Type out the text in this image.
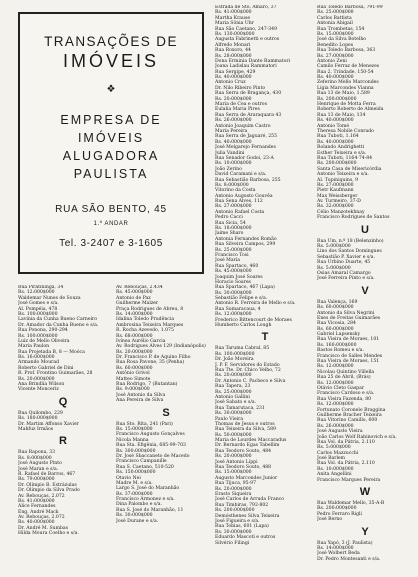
TRANSAÇÕES DE
IMÓVEIS
❖
EMPRESA DE
IMÓVEIS
ALUGADORA
PAULISTA
RUA SÃO BENTO, 45
1.º ANDAR
Tel. 3-2407 e 3-1605
Rua Piratininga, 34
Rs. 12:000$000
Waldemar Nunes de Souza
José Gomes e s/a.
Al. Pompéia, 478
Rs. 100:000$000
Lavínia da Cunha Bueno Carneiro
Dr. Amador da Cunha Bueno e s/a.
Rua Ponona, 290-294
Rs. 100:000$000
Luiz de Mello Oliveira
Maria Paulon
Rua Projetada B, 8 — Moóca
Rs. 16:000$000
Armando Mourad
Roberto Gabriel de Dini
R. Prof. Frontino Guimarães, 28
Rs. 20:000$000
Ana Brindlia Wilson
Vicente Monceriz
Q
Rua Quilombo, 229
Rs. 180:000$000
Dr. Martim Affonso Xavier
Mahfuz Irmãos
R
Rua Rapona, 33
Rs. 8:000$000
José Augusto Pinto
José Maran e s/a.
R. Rafael de Barros, 467
Rs. 79:000$000
Dr. Olímpio B. Estrázulas
Dr. Olímpio da Silva Prado
Av. Rebouças, 2.072
Rs. 41:000$000
Alice Fernandes
Eng. André Mack
Av. Rebouças, 2.072
Rs. 40:000$000
Dr. André M. Sumbas
Hilda Moura Coelho e s/a.
Av. Rebouças, 2.434
Rs. 45:000$000
Antonio de Paz
Guilherme Malzer
Praça Rodrigues de Abreu, 8
Rs. 14:000$000
Idalina Toledo Prudência
Ambrosina Teixeira Marques
R. Rocha Azevedo, 1.075
Rs. 68:000$000
Ivínea Aurélio Garcia
Av. Rodrigues Alves 129 (Indianópolis)
Rs. 20:000$000
Dr. Francisco P. de Aquino Filho
Rua Rosa Pavone, 35 (Penha)
Rs. 60:000$000
Antônio Grivol
Matteo Simote
Rua Rodrigo, 7 (Butantan)
Rs. 9:000$000
José Antonio da Silva
Ana Pereira de Silva
S
Rua Sto. Rita, 241 (Pari)
Rs. 15:000$000
Francisco Augusto Gonçalves
Nicola Manna
Rua Sta. Efigênia, 685-99-703
Rs. 300:000$000
Dr. José Sbaccaneto de Macedo
Francisco Campanille
Rua S. Caetano, 510-520
Rs. 150:000$000
Otavio Nei
Madre M. e s/a.
Largo S. José do Maranhão
Rs. 37:000$000
Francisco Armonez e s/a.
Dina Palombo e s/a.
Rua S. José do Maranhão, 11
Rs. 30:000$000
José Durane e s/a.
Estrada de Sto. Amaro, 37
Rs. 41:000$000
Martha Krause
Maria Sônia Uhr
Rua São Caetano, 247-349
Rs. 130:000$000
Augusta Fabrinetti e outros
Alfredo Monari
Rua Roxoro, 44
Rs. 28:000$000
Dona Erminia Dante Rammatori
Joana Ladislau Rammatori
Rua Sergipe, 429
Rs. 40:000$000
Antonio Cruz
Dr. Nilo Ribeiro Pinto
Rua Serra de Bragança, 430
Rs. 20:000$000
Maria de Cea e outros
Eulalia Maria Pires
Rua Serra de Araraquara 43
Rs. 26:000$000
Antonio Joaquim Castro
Maria Pereira
Rua Serra de Jaguaré, 255
Rs. 40:000$000
José Melgarejo Fernandes
Julia Vandini
Rua Senador Godoi, 23-A
Rs. 10:000$000
João Zerino
David Caramani e s/a.
Rua Sebastião Barbosa, 255
Rs. 8:000$000
Vitorino da Costa
Antonio Augusto Gouvêa
Rua Sena Alves, 112
Rs. 27:000$000
Antonio Rafael Costa
Pedro Cacci
Rua Sicia, 54
Rs. 18:000$000
Jaime Sharo
Antonia Fernandes Romão
Rua Silveira Campos, 299
Rs. 25:000$000
Francisco Tosi
José Maria
Rua Spartaco, 460
Rs. 45:000$000
Joaquim José Soares
Horacio Soares
Rua Spartaco, 467 (Lapa)
Rs. 30:000$000
Sebastião Felipe e s/a.
Antonio R. Ferreira de Mello e s/a.
Rua Sumaracaua, 4
Rs. 12:000$000
Frederico Bittencourt de Moraes
Humberto Carlos Lough
T
Rua Taruma Cabral, 85
Rs. 100:000$000
Dr. João Moreira
J. P. F. Servidores do Estado
Rua Tte. Dr. Chico Velho, 72
Rs. 20:000$000
Dr. Antonio C. Pacheco e Silva
Rua Tapera, 23
Rs. 25:000$000
Antonio Gallini
José Sabato e s/a.
Rua Tamarutaca, 231
Rs. 30:000$000
Paulo Vieira
Thomas de Jesus e outros
Rua Teixeira da Silva, 589
Rs. 50:000$000
Maria de Lourdes Maccaradus
Dr. Bernardo Egas Tabellim
Rua Teodoro Souto, 484
Rs. 20:000$000
José Antonio Lippi
Rua Teodoro Souto, 488
Rs. 15:000$000
Augusto Marcondes Junior
Rua Tijuca, 95-97
Rs. 20:000$000
Erasto Siqueira
José Carlos de Arruda Franco
Rua Timbiras, 792-802
Rs. 200:000$000
Demósthenes Silva Teixeira
José Figueira e s/a.
Rua Tobias, 601 (Lapa)
Rs. 30:000$000
Eduardo Mascoti e outros
Silvério Filingi
Rua Toledo Barbosa, 791-99
Rs. 25:000$000
Carlos Battista
Antonia Abigail
Rua Trombetas, 154
Rs. 15:000$000
José da Silva Botelho
Benedito Lopes
Rua Toledo Barbosa, 363
Rs. 27:000$000
Antonio Zeni
Camilo Ferraz de Menezes
Rua 2. Trindade, 150-54
Rs. 40:000$000
Zeferino Mello Marcondes
Lígia Marcondes Vianna
Rua 13 de Maio, 1.589
Rs. 200:000$000
Henrique de Motta Ferra
Roberto Roberto de Almeida
Rua 13 de Maio, 134
Rs. 40:000$000
Antonio Tomé
Theresa Nobile Conrado
Rua Tuboti, 1.164
Rs. 40:000$000
Rolando Andrighetti
Esther Teixeira e s/a.
Rua Tuboti, 1164-74-84
Rs. 200:000$000
Santa Casa de Misericórdia
Antonio Teixeira e s/a.
Al. Tupiniquins, 9
Rs. 27:000$000
Pietr Kaufmann
Max Weissberger
Av. Turmeiro, 37-D
Rs. 32:000$000
Célio Manzotekhnay
Francisco Rodrigues de Santos
U
Rua Um, n.º 18 (Belenzinho)
Rs. 5:000$000
Lino dos Santos Domingues
Sebastião P. Xavier e s/a.
Rua Urbino Duarte, 45
Rs. 5:000$000
Osias Amaral Camargo
José Ferreira Pinto e s/a.
V
Rua Valença, 169
Rs. 60:000$000
Antonio da Silva Negrini
Enes de Freitas Guimarães
Rua Vicosia, 284
Rs. 60:000$000
Gabriel Lapsensky
Rua Vieira de Moraes, 101
Rs. 160:000$000
Bastos Romeu e s/a.
Francisco de Salles Mendes
Rua Vieira de Moraes, 151
Rs. 12:000$000
Nicolau Quintino Villella
Rua 25 de Abril, (Brás)
Rs. 12:000$000
Otávio Cleto Gaspar
Francisco Cardoso e s/a.
Rua Vieira Fazenda, 80
Rs. 12:000$000
Fortunato Coronelo Braggina
Guilherme Bracher Teixeira
Rua Vitorino Camillo, 600
Rs. 26:000$000
José Augusto Vieira
João Carlos Wolf Rabinovich e s/a.
Rua Vol. da Pátria, 2.110
Rs. 5:000$000
Carlos Mazzucchi
José Barlem
Rua Vol. da Pátria, 2.110
Rs. 10:000$000
Anita Angellini
Francisco Marques Pereira
W
Rua Waldemar Mello, 35-A-B
Rs. 200:000$000
Pedro Ferraro Rigli
José Berno
Y
Rua Yapó, 3 (J. Paulista)
Rs. 14:000$000
José Wolbert Beda
Dr. Pedro Montesanti e s/a.
